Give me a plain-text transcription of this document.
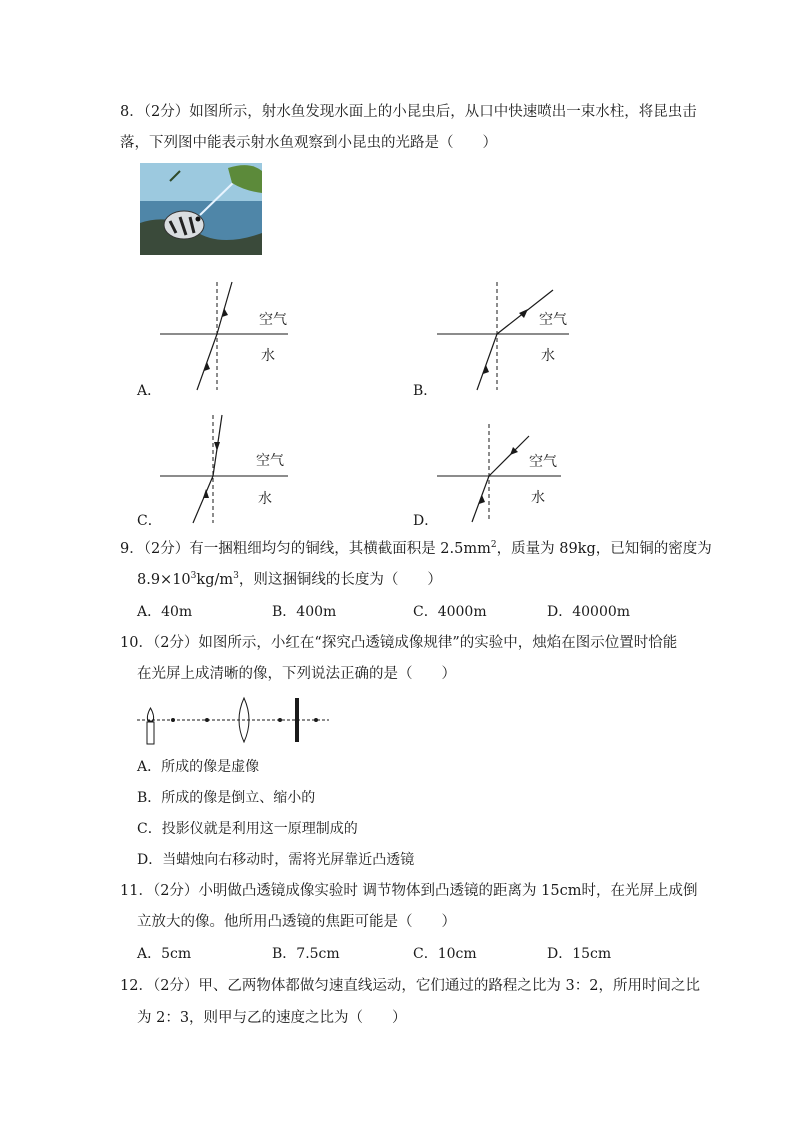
8．（2分）如图所示，射水鱼发现水面上的小昆虫后，从口中快速喷出一束水柱，将昆虫击
落，下列图中能表示射水鱼观察到小昆虫的光路是（　　）
空气
水
A．
空气
水
B．
空气
水
C．
空气
水
D．
9．（2分）有一捆粗细均匀的铜线，其横截面积是 $2.5mm^2$，质量为 89kg，已知铜的密度为
$8.9\times 10^3kg/m^3$，则这捆铜线的长度为（　　）
A．40m	B．400m	C．4000m	D．40000m
10．（2分）如图所示，小红在“探究凸透镜成像规律”的实验中，烛焰在图示位置时恰能
在光屏上成清晰的像，下列说法正确的是（　　）
A．所成的像是虚像
B．所成的像是倒立、缩小的
C．投影仪就是利用这一原理制成的
D．当蜡烛向右移动时，需将光屏靠近凸透镜
11．（2分）小明做凸透镜成像实验时 调节物体到凸透镜的距离为 15cm时，在光屏上成倒
立放大的像。他所用凸透镜的焦距可能是（　　）
A．5cm	B．7.5cm	C．10cm	D．15cm
12．（2分）甲、乙两物体都做匀速直线运动，它们通过的路程之比为 3：2，所用时间之比
为 2：3，则甲与乙的速度之比为（　　）
